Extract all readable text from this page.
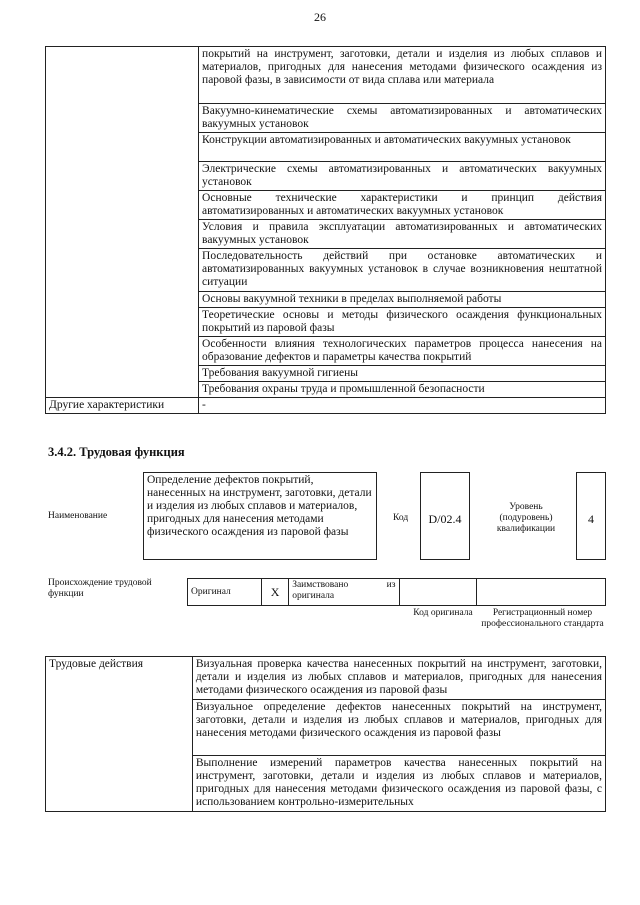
26
	покрытий на инструмент, заготовки, детали и изделия из любых сплавов и материалов, пригодных для нанесения методами физического осаждения из паровой фазы, в зависимости от вида сплава или материала
	Вакуумно-кинематические схемы автоматизированных и автоматических вакуумных установок
	Конструкции автоматизированных и автоматических вакуумных установок
	Электрические схемы автоматизированных и автоматических вакуумных установок
	Основные технические характеристики и принцип действия автоматизированных и автоматических вакуумных установок
	Условия и правила эксплуатации автоматизированных и автоматических вакуумных установок
	Последовательность действий при остановке автоматических и автоматизированных вакуумных установок в случае возникновения нештатной ситуации
	Основы вакуумной техники в пределах выполняемой работы
	Теоретические основы и методы физического осаждения функциональных покрытий из паровой фазы
	Особенности влияния технологических параметров процесса нанесения на образование дефектов и параметры качества покрытий
	Требования вакуумной гигиены
	Требования охраны труда и промышленной безопасности
Другие характеристики	-
3.4.2. Трудовая функция
Наименование
Определение дефектов покрытий, нанесенных на инструмент, заготовки, детали и изделия из любых сплавов и материалов, пригодных для нанесения методами физического осаждения из паровой фазы
Код	D/02.4
Уровень (подуровень) квалификации
4
Происхождение трудовой функции	Оригинал	X	Заимствовано из оригинала		
Код оригинала	Регистрационный номер профессионального стандарта
Трудовые действия	Визуальная проверка качества нанесенных покрытий на инструмент, заготовки, детали и изделия из любых сплавов и материалов, пригодных для нанесения методами физического осаждения из паровой фазы
Визуальное определение дефектов нанесенных покрытий на инструмент, заготовки, детали и изделия из любых сплавов и материалов, пригодных для нанесения методами физического осаждения из паровой фазы
Выполнение измерений параметров качества нанесенных покрытий на инструмент, заготовки, детали и изделия из любых сплавов и материалов, пригодных для нанесения методами физического осаждения из паровой фазы, с использованием контрольно-измерительных
